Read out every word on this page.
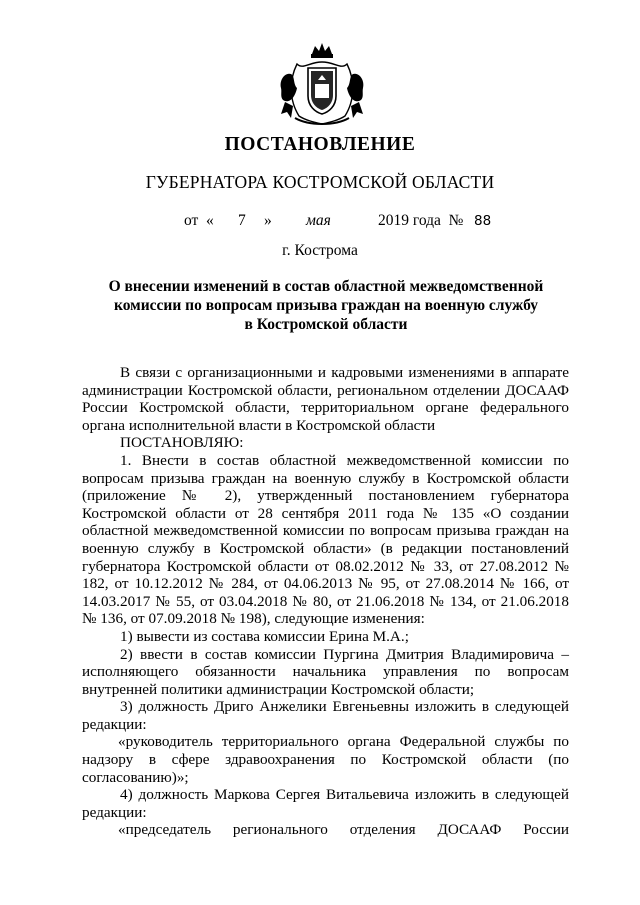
ПОСТАНОВЛЕНИЕ
ГУБЕРНАТОРА КОСТРОМСКОЙ ОБЛАСТИ
от « 7 » мая	2019 года № 88
г. Кострома
О внесении изменений в состав областной межведомственной
комиссии по вопросам призыва граждан на военную службу
в Костромской области

В связи с организационными и кадровыми изменениями в аппарате администрации Костромской области, региональном отделении ДОСААФ России Костромской области, территориальном органе федерального органа исполнительной власти в Костромской области

ПОСТАНОВЛЯЮ:

1. Внести в состав областной межведомственной комиссии по вопросам призыва граждан на военную службу в Костромской области (приложение № 2), утвержденный постановлением губернатора Костромской области от 28 сентября 2011 года № 135 «О создании областной межведомственной комиссии по вопросам призыва граждан на военную службу в Костромской области» (в редакции постановлений губернатора Костромской области от 08.02.2012 № 33, от 27.08.2012 № 182, от 10.12.2012 № 284, от 04.06.2013 № 95, от 27.08.2014 № 166, от 14.03.2017 № 55, от 03.04.2018 № 80, от 21.06.2018 № 134, от 21.06.2018 № 136, от 07.09.2018 № 198), следующие изменения:

1) вывести из состава комиссии Ерина М.А.;

2) ввести в состав комиссии Пургина Дмитрия Владимировича – исполняющего обязанности начальника управления по вопросам внутренней политики администрации Костромской области;

3) должность Дриго Анжелики Евгеньевны изложить в следующей редакции:

«руководитель территориального органа Федеральной службы по надзору в сфере здравоохранения по Костромской области (по согласованию)»;

4) должность Маркова Сергея Витальевича изложить в следующей редакции:

«председатель регионального отделения ДОСААФ России
